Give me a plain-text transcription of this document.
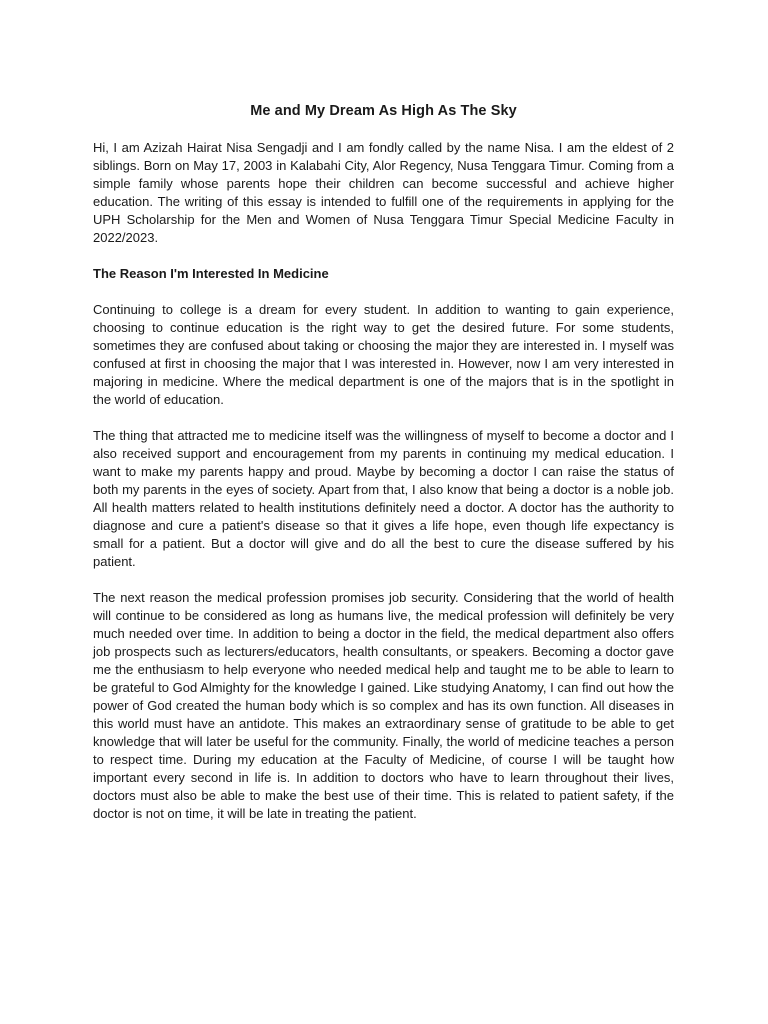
Me and My Dream As High As The Sky

Hi, I am Azizah Hairat Nisa Sengadji and I am fondly called by the name Nisa. I am the eldest of 2 siblings. Born on May 17, 2003 in Kalabahi City, Alor Regency, Nusa Tenggara Timur. Coming from a simple family whose parents hope their children can become successful and achieve higher education. The writing of this essay is intended to fulfill one of the requirements in applying for the UPH Scholarship for the Men and Women of Nusa Tenggara Timur Special Medicine Faculty in 2022/2023.

The Reason I'm Interested In Medicine

Continuing to college is a dream for every student. In addition to wanting to gain experience, choosing to continue education is the right way to get the desired future. For some students, sometimes they are confused about taking or choosing the major they are interested in. I myself was confused at first in choosing the major that I was interested in. However, now I am very interested in majoring in medicine. Where the medical department is one of the majors that is in the spotlight in the world of education.

The thing that attracted me to medicine itself was the willingness of myself to become a doctor and I also received support and encouragement from my parents in continuing my medical education. I want to make my parents happy and proud. Maybe by becoming a doctor I can raise the status of both my parents in the eyes of society. Apart from that, I also know that being a doctor is a noble job. All health matters related to health institutions definitely need a doctor. A doctor has the authority to diagnose and cure a patient's disease so that it gives a life hope, even though life expectancy is small for a patient. But a doctor will give and do all the best to cure the disease suffered by his patient.

The next reason the medical profession promises job security. Considering that the world of health will continue to be considered as long as humans live, the medical profession will definitely be very much needed over time. In addition to being a doctor in the field, the medical department also offers job prospects such as lecturers/educators, health consultants, or speakers. Becoming a doctor gave me the enthusiasm to help everyone who needed medical help and taught me to be able to learn to be grateful to God Almighty for the knowledge I gained. Like studying Anatomy, I can find out how the power of God created the human body which is so complex and has its own function. All diseases in this world must have an antidote. This makes an extraordinary sense of gratitude to be able to get knowledge that will later be useful for the community. Finally, the world of medicine teaches a person to respect time. During my education at the Faculty of Medicine, of course I will be taught how important every second in life is. In addition to doctors who have to learn throughout their lives, doctors must also be able to make the best use of their time. This is related to patient safety, if the doctor is not on time, it will be late in treating the patient.
